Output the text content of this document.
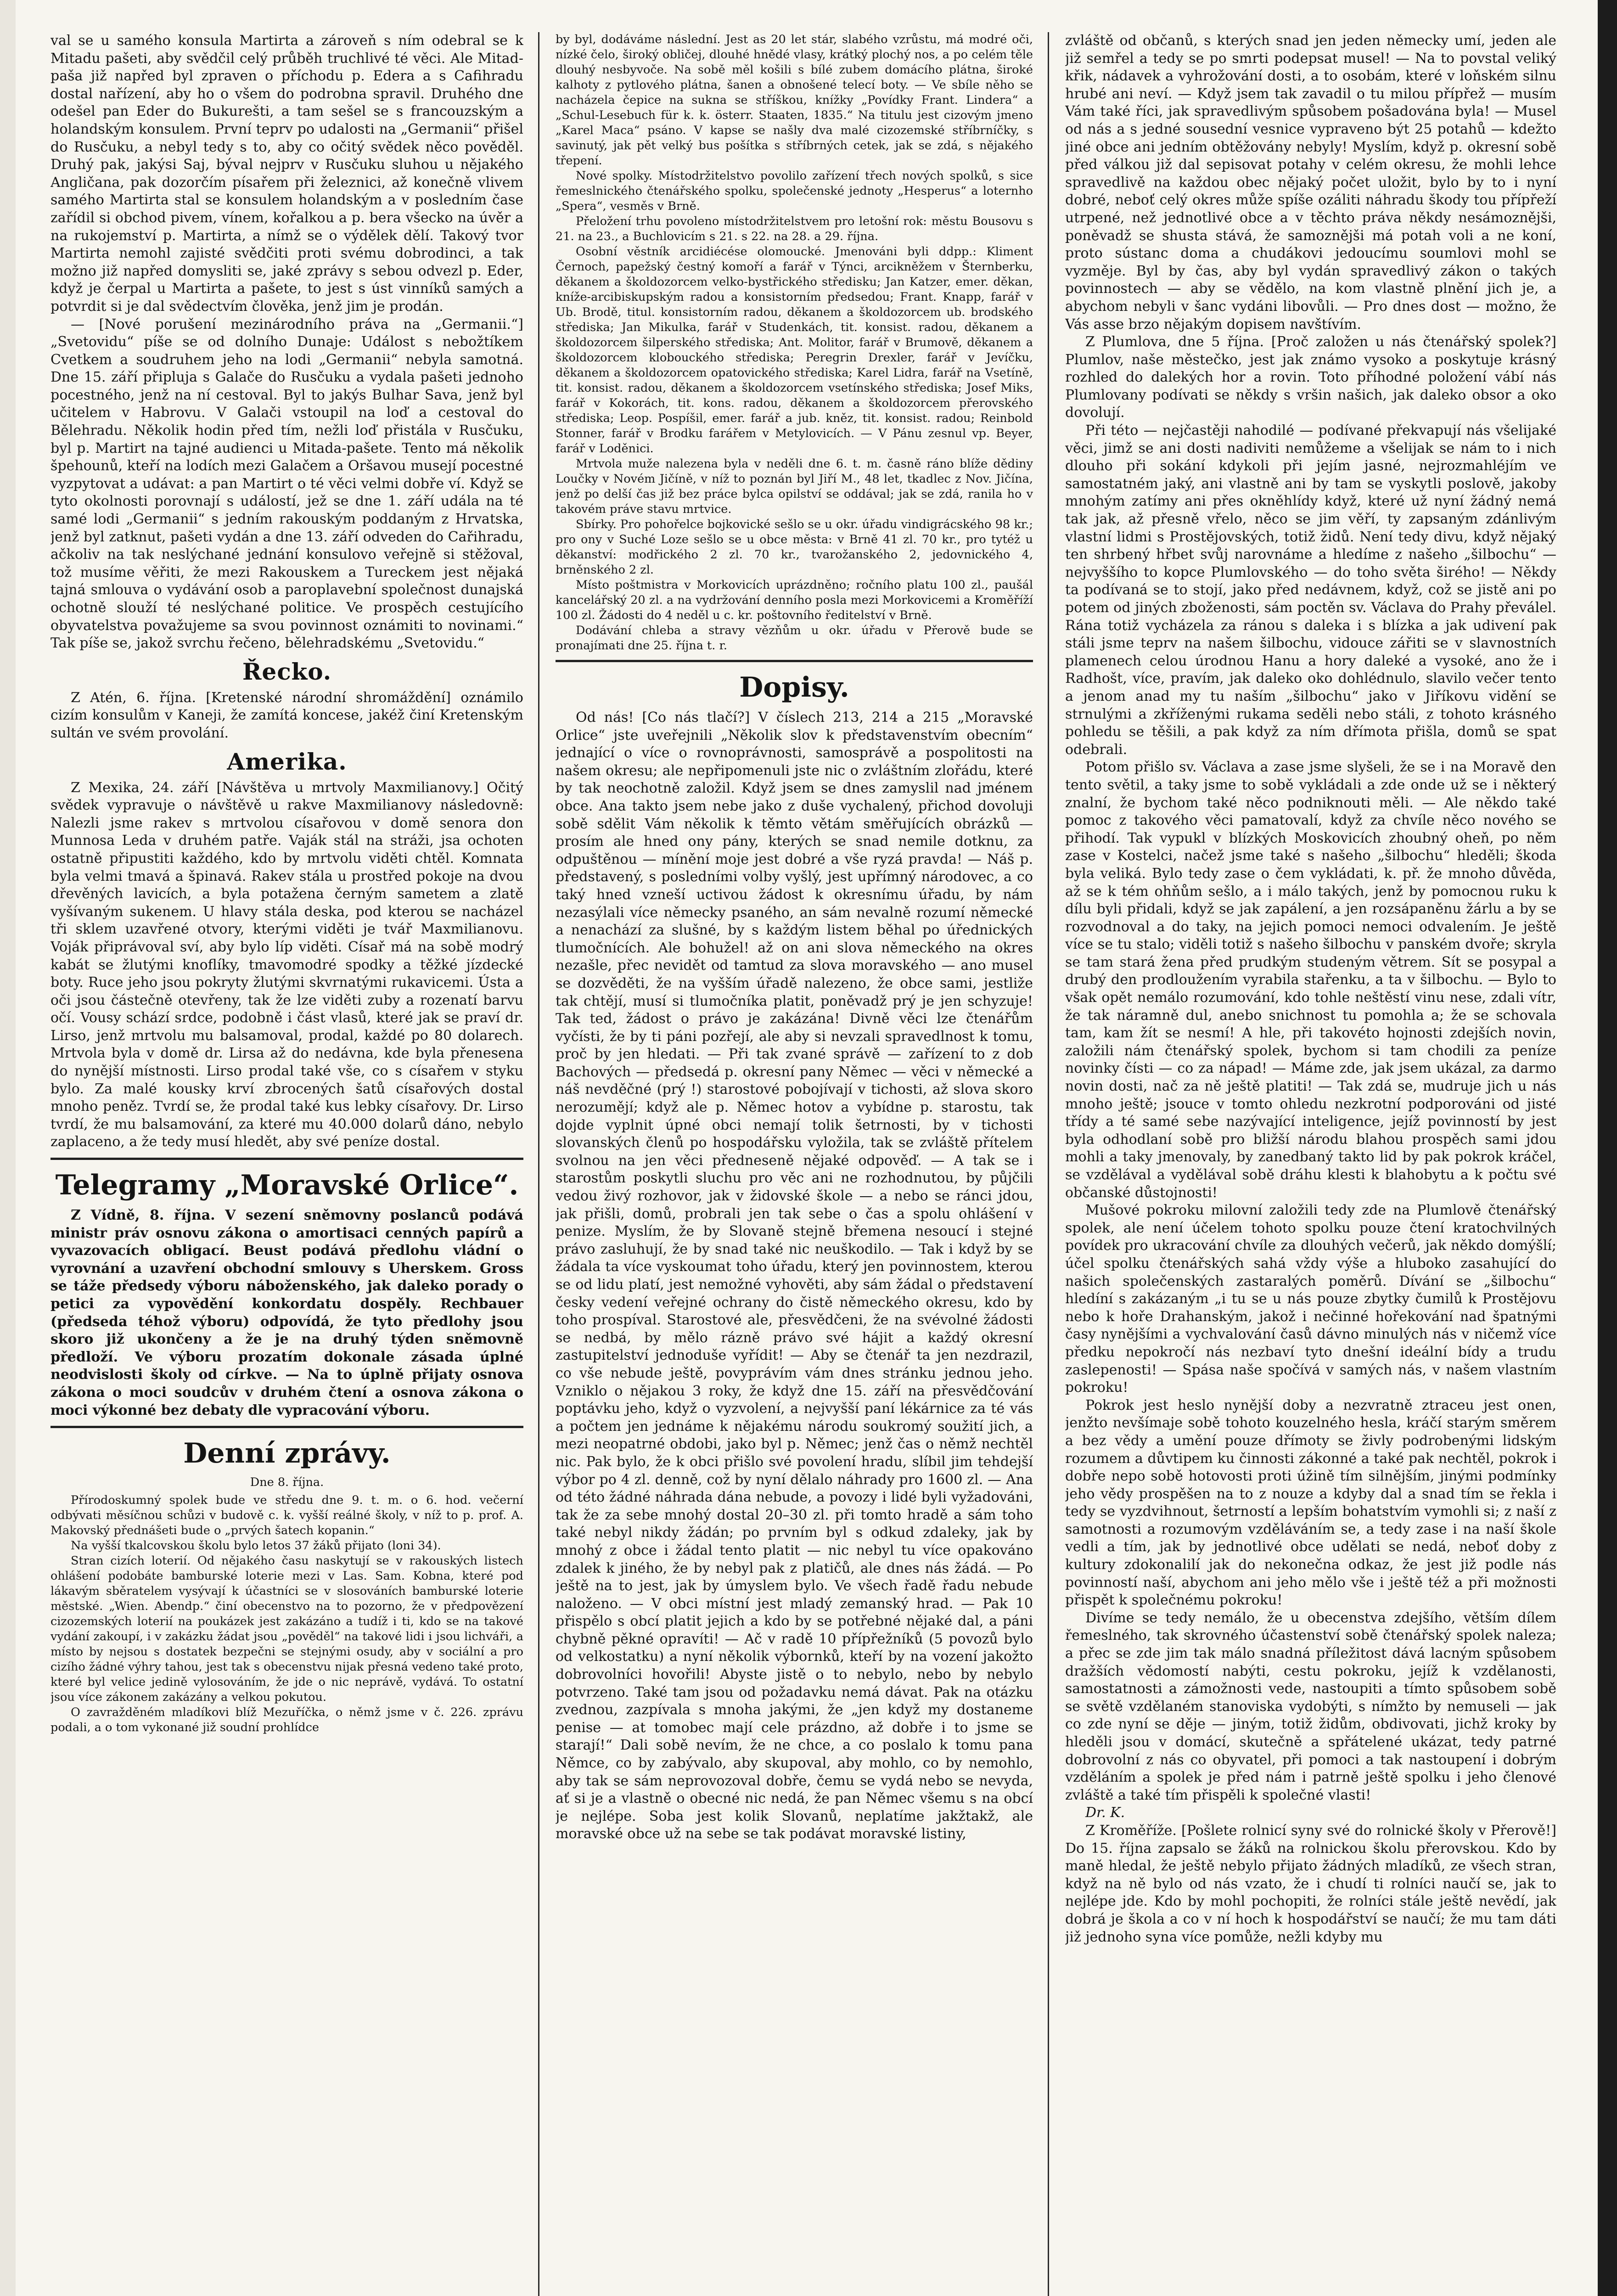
val se u samého konsula Martirta a zároveň s ním odebral se k Mitadu pašeti, aby svědčil celý průběh truchlivé té věci. Ale Mitad-paša již napřed byl zpraven o příchodu p. Edera a s Cafihradu dostal nařízení, aby ho o všem do podrobna spravil. Druhého dne odešel pan Eder do Bukurešti, a tam sešel se s francouzským a holandským konsulem. První teprv po udalosti na „Germanii“ přišel do Rusčuku, a nebyl tedy s to, aby co očitý svědek něco pověděl. Druhý pak, jakýsi Saj, býval nejprv v Rusčuku sluhou u nějakého Angličana, pak dozorčím písařem při železnici, až konečně vlivem samého Martirta stal se konsulem holandským a v posledním čase zařídil si obchod pivem, vínem, kořalkou a p. bera všecko na úvěr a na rukojemství p. Martirta, a nímž se o výdělek dělí. Takový tvor Martirta nemohl zajisté svědčiti proti svému dobrodinci, a tak možno již napřed domysliti se, jaké zprávy s sebou odvezl p. Eder, když je čerpal u Martirta a pašete, to jest s úst vinníků samých a potvrdit si je dal svědectvím člověka, jenž jim je prodán.

— [Nové porušení mezinárodního práva na „Germanii.“] „Svetovidu“ píše se od dolního Dunaje: Událost s nebožtíkem Cvetkem a soudruhem jeho na lodi „Germanii“ nebyla samotná. Dne 15. září připluja s Galače do Rusčuku a vydala pašeti jednoho pocestného, jenž na ní cestoval. Byl to jakýs Bulhar Sava, jenž byl učitelem v Habrovu. V Galači vstoupil na loď a cestoval do Bělehradu. Několik hodin před tím, nežli loď přistála v Rusčuku, byl p. Martirt na tajné audienci u Mitada-pašete. Tento má několik špehounů, kteří na lodích mezi Galačem a Oršavou musejí pocestné vyzpytovat a udávat: a pan Martirt o té věci velmi dobře ví. Když se tyto okolnosti porovnají s událostí, jež se dne 1. září udála na té samé lodi „Germanii“ s jedním rakouským poddaným z Hrvatska, jenž byl zatknut, pašeti vydán a dne 13. září odveden do Cařihradu, ačkoliv na tak neslýchané jednání konsulovo veřejně si stěžoval, tož musíme věřiti, že mezi Rakouskem a Tureckem jest nějaká tajná smlouva o vydávání osob a paroplavební společnost dunajská ochotně slouží té neslýchané politice. Ve prospěch cestujícího obyvatelstva považujeme sa svou povinnost oznámiti to novinami.“ Tak píše se, jakož svrchu řečeno, bělehradskému „Svetovidu.“

Řecko.

Z Atén, 6. října. [Kretenské národní shromáždění] oznámilo cizím konsulům v Kaneji, že zamítá koncese, jakéž činí Kretenským sultán ve svém provolání.

Amerika.

Z Mexika, 24. září [Návštěva u mrtvoly Maxmilianovy.] Očitý svědek vypravuje o návštěvě u rakve Maxmilianovy následovně: Nalezli jsme rakev s mrtvolou císařovou v domě senora don Munnosa Leda v druhém patře. Vaják stál na stráži, jsa ochoten ostatně připustiti každého, kdo by mrtvolu viděti chtěl. Komnata byla velmi tmavá a špinavá. Rakev stála u prostřed pokoje na dvou dřevěných lavicích, a byla potažena černým sametem a zlatě vyšívaným sukenem. U hlavy stála deska, pod kterou se nacházel tři sklem uzavřené otvory, kterými viděti je tvář Maxmilianovu. Voják připrávoval sví, aby bylo líp viděti. Císař má na sobě modrý kabát se žlutými knoflíky, tmavomodré spodky a těžké jízdecké boty. Ruce jeho jsou pokryty žlutými skvrnatými rukavicemi. Ústa a oči jsou částečně otevřeny, tak že lze viděti zuby a rozenatí barvu očí. Vousy schází srdce, podobně i část vlasů, které jak se praví dr. Lirso, jenž mrtvolu mu balsamoval, prodal, každé po 80 dolarech. Mrtvola byla v domě dr. Lirsa až do nedávna, kde byla přenesena do nynější místnosti. Lirso prodal také vše, co s císařem v styku bylo. Za malé kousky krví zbrocených šatů císařových dostal mnoho peněz. Tvrdí se, že prodal také kus lebky císařovy. Dr. Lirso tvrdí, že mu balsamování, za které mu 40.000 dolarů dáno, nebylo zaplaceno, a že tedy musí hledět, aby své peníze dostal.

Telegramy „Moravské Orlice“.

Z Vídně, 8. října. V sezení sněmovny poslanců podává ministr práv osnovu zákona o amortisaci cenných papírů a vyvazovacích obligací. Beust podává předlohu vládní o vyrovnání a uzavření obchodní smlouvy s Uherskem. Gross se táže předsedy výboru náboženského, jak daleko porady o petici za vypovědění konkordatu dospěly. Rechbauer (předseda téhož výboru) odpovídá, že tyto předlohy jsou skoro již ukončeny a že je na druhý týden sněmovně předloží. Ve výboru prozatím dokonale zásada úplné neodvislosti školy od církve. — Na to úplně přijaty osnova zákona o moci soudcův v druhém čtení a osnova zákona o moci výkonné bez debaty dle vypracování výboru.

Denní zprávy.
Dne 8. října.

Přírodoskumný spolek bude ve středu dne 9. t. m. o 6. hod. večerní odbývati měsíčnou schůzi v budově c. k. vyšší reálné školy, v níž to p. prof. A. Makovský přednášeti bude o „prvých šatech kopanin.“

Na vyšší tkalcovskou školu bylo letos 37 žáků přijato (loni 34).

Stran cizích loterií. Od nějakého času naskytují se v rakouských listech ohlášení podobáte bamburské loterie mezi v Las. Sam. Kobna, které pod lákavým sběratelem vysývají k účastníci se v slosováních bamburské loterie městské. „Wien. Abendp.“ činí obecenstvo na to pozorno, že v předpovězení cizozemských loterií na poukázek jest zakázáno a tudíž i ti, kdo se na takové vydání zakoupí, i v zakázku žádat jsou „pověděl“ na takové lidi i jsou lichváři, a místo by nejsou s dostatek bezpečni se stejnými osudy, aby v sociální a pro cizího žádné výhry tahou, jest tak s obecenstvu nijak přesná vedeno také proto, které byl velice jedině vylosováním, že jde o nic neprávě, vydává. To ostatní jsou více zákonem zakázány a velkou pokutou.

O zavražděném mladíkovi blíž Mezuříčka, o němž jsme v č. 226. zprávu podali, a o tom vykonané již soudní prohlídce

by byl, dodáváme následní. Jest as 20 let stár, slabého vzrůstu, má modré oči, nízké čelo, široký obličej, dlouhé hnědé vlasy, krátký plochý nos, a po celém těle dlouhý nesbyvoče. Na sobě měl košili s bílé zubem domácího plátna, široké kalhoty z pytlového plátna, šanen a obnošené telecí boty. — Ve sbíle něho se nacházela čepice na sukna se stříškou, knížky „Povídky Frant. Lindera“ a „Schul-Lesebuch für k. k. österr. Staaten, 1835.“ Na titulu jest cizovým jmeno „Karel Maca“ psáno. V kapse se našly dva malé cizozemské stříbrníčky, s savinutý, jak pět velký bus pošítka s stříbrných cetek, jak se zdá, s nějakého třepení.

Nové spolky. Místodržitelstvo povolilo zařízení třech nových spolků, s sice řemeslnického čtenářského spolku, společenské jednoty „Hesperus“ a loternho „Spera“, vesměs v Brně.

Přeložení trhu povoleno místodržitelstvem pro letošní rok: městu Bousovu s 21. na 23., a Buchlovicím s 21. s 22. na 28. a 29. října.

Osobní věstník arcidiécése olomoucké. Jmenováni byli ddpp.: Kliment Černoch, papežský čestný komoří a farář v Týnci, arcikněžem v Šternberku, děkanem a školdozorcem velko-bystřického středisku; Jan Katzer, emer. děkan, kníže-arcibiskupským radou a konsistorním předsedou; Frant. Knapp, farář v Ub. Brodě, titul. konsistorním radou, děkanem a školdozorcem ub. brodského střediska; Jan Mikulka, farář v Studenkách, tit. konsist. radou, děkanem a školdozorcem šilperského střediska; Ant. Molitor, farář v Brumově, děkanem a školdozorcem klobouckého střediska; Peregrin Drexler, farář v Jevíčku, děkanem a školdozorcem opatovického střediska; Karel Lidra, farář na Vsetíně, tit. konsist. radou, děkanem a školdozorcem vsetínského střediska; Josef Miks, farář v Kokorách, tit. kons. radou, děkanem a školdozorcem přerovského střediska; Leop. Pospíšil, emer. farář a jub. kněz, tit. konsist. radou; Reinbold Stonner, farář v Brodku farářem v Metylovicích. — V Pánu zesnul vp. Beyer, farář v Loděnici.

Mrtvola muže nalezena byla v neděli dne 6. t. m. časně ráno blíže dědiny Loučky v Novém Jičíně, v níž to poznán byl Jiří M., 48 let, tkadlec z Nov. Jičína, jenž po delší čas již bez práce bylca opilství se oddával; jak se zdá, ranila ho v takovém práve stavu mrtvice.

Sbírky. Pro pohořelce bojkovické sešlo se u okr. úřadu vindigrácského 98 kr.; pro ony v Suché Loze sešlo se u obce města: v Brně 41 zl. 70 kr., pro tytéž u děkanství: modřického 2 zl. 70 kr., tvarožanského 2, jedovnického 4, brněnského 2 zl.

Místo poštmistra v Morkovicích uprázdněno; ročního platu 100 zl., paušál kancelářský 20 zl. a na vydržování denního posla mezi Morkovicemi a Kroměříží 100 zl. Žádosti do 4 neděl u c. kr. poštovního ředitelství v Brně.

Dodávání chleba a stravy vězňům u okr. úřadu v Přerově bude se pronajímati dne 25. října t. r.

Dopisy.

Od nás! [Co nás tlačí?] V číslech 213, 214 a 215 „Moravské Orlice“ jste uveřejnili „Několik slov k představenstvím obecním“ jednající o více o rovnoprávnosti, samosprávě a pospolitosti na našem okresu; ale nepřipomenuli jste nic o zvláštním zlořádu, které by tak neochotně založil. Když jsem se dnes zamyslil nad jménem obce. Ana takto jsem nebe jako z duše vychalený, přichod dovoluji sobě sdělit Vám několik k těmto větám směřujících obrázků — prosím ale hned ony pány, kterých se snad nemile dotknu, za odpuštěnou — mínění moje jest dobré a vše ryzá pravda! — Náš p. představený, s posledními volby vyšlý, jest upřímný národovec, a co taký hned vzneší uctivou žádost k okresnímu úřadu, by nám nezasýlali více německy psaného, an sám nevalně rozumí německé a nenachází za slušné, by s každým listem běhal po úřednických tlumočnících. Ale bohužel! až on ani slova německého na okres nezašle, přec nevidět od tamtud za slova moravského — ano musel se dozvěděti, že na vyšším úřadě nalezeno, že obce sami, jestliže tak chtějí, musí si tlumočníka platit, poněvadž prý je jen schyzuje! Tak ted, žádost o právo je zakázána! Divně věci lze čtenářům vyčísti, že by ti páni pozřejí, ale aby si nevzali spravedlnost k tomu, proč by jen hledati. — Při tak zvané správě — zařízení to z dob Bachových — předsedá p. okresní pany Němec — věci v německé a náš nevděčné (prý !) starostové pobojívají v tichosti, až slova skoro nerozumějí; když ale p. Němec hotov a vybídne p. starostu, tak dojde vyplnit úpné obci nemají tolik šetrnosti, by v tichosti slovanských členů po hospodářsku vyložila, tak se zvláště přítelem svolnou na jen věci předneseně nějaké odpověď. — A tak se i starostům poskytli sluchu pro věc ani ne rozhodnutou, by půjčili vedou živý rozhovor, jak v židovské škole — a nebo se ránci jdou, jak přišli, domů, probrali jen tak sebe o čas a spolu ohlášení v penize. Myslím, že by Slovaně stejně břemena nesoucí i stejné právo zasluhují, že by snad také nic neuškodilo. — Tak i když by se žádala ta více vyskoumat toho úřadu, který jen povinnostem, kterou se od lidu platí, jest nemožné vyhověti, aby sám žádal o představení česky vedení veřejné ochrany do čistě německého okresu, kdo by toho prospíval. Starostové ale, přesvědčeni, že na svévolné žádosti se nedbá, by mělo rázně právo své hájit a každý okresní zastupitelství jednoduše vyřídit! — Aby se čtenář ta jen nezdrazil, co vše nebude ještě, povyprávím vám dnes stránku jednou jeho. Vzniklo o nějakou 3 roky, že když dne 15. září na přesvědčování poptávku jeho, když o vyzvolení, a nejvyšší paní lékárnice za té vás a počtem jen jednáme k nějakému národu soukromý soužití jich, a mezi neopatrné obdobi, jako byl p. Němec; jenž čas o němž nechtěl nic. Pak bylo, že k obci přišlo své povolení hradu, slíbil jim tehdejší výbor po 4 zl. denně, což by nyní dělalo náhrady pro 1600 zl. — Ana od této žádné náhrada dána nebude, a povozy i lidé byli vyžadováni, tak že za sebe mnohý dostal 20–30 zl. při tomto hradě a sám toho také nebyl nikdy žádán; po prvním byl s odkud zdaleky, jak by mnohý z obce i žádal tento platit — nic nebyl tu více opakováno zdalek k jiného, že by nebyl pak z platičů, ale dnes nás žádá. — Po ještě na to jest, jak by úmyslem bylo. Ve všech řadě řadu nebude naloženo. — V obci místní jest mladý zemanský hrad. — Pak 10 přispělo s obcí platit jejich a kdo by se potřebné nějaké dal, a páni chybně pěkné opravíti! — Ač v radě 10 přípřežníků (5 povozů bylo od velkostatku) a nyní několik výbornků, kteří by na vození jakožto dobrovolníci hovořili! Abyste jistě o to nebylo, nebo by nebylo potvrzeno. Také tam jsou od požadavku nemá dávat. Pak na otázku zvednou, zazpívala s mnoha jakými, že „jen když my dostaneme penise — at tomobec mají cele prázdno, až dobře i to jsme se starají!“ Dali sobě nevím, že ne chce, a co poslalo k tomu pana Němce, co by zabývalo, aby skupoval, aby mohlo, co by nemohlo, aby tak se sám neprovozoval dobře, čemu se vydá nebo se nevyda, ať si je a vlastně o obecné nic nedá, že pan Němec všemu s na obcí je nejlépe. Soba jest kolik Slovanů, neplatíme jakžtakž, ale moravské obce už na sebe se tak podávat moravské listiny,

zvláště od občanů, s kterých snad jen jeden německy umí, jeden ale již semřel a tedy se po smrti podepsat musel! — Na to povstal veliký křik, nádavek a vyhrožování dosti, a to osobám, které v loňském silnu hrubé ani neví. — Když jsem tak zavadil o tu milou přípřež — musím Vám také říci, jak spravedlivým spůsobem pošadována byla! — Musel od nás a s jedné sousední vesnice vypraveno být 25 potahů — kdežto jiné obce ani jedním obtěžovány nebyly! Myslím, když p. okresní sobě před válkou již dal sepisovat potahy v celém okresu, že mohli lehce spravedlivě na každou obec nějaký počet uložit, bylo by to i nyní dobré, neboť celý okres může spíše ozáliti náhradu škody tou přípřeží utrpené, než jednotlivé obce a v těchto práva někdy nesámoznějši, poněvadž se shusta stává, že samoznějši má potah voli a ne koní, proto sústanc doma a chudákovi jedoucímu soumlovi mohl se vyzměje. Byl by čas, aby byl vydán spravedlivý zákon o takých povinnostech — aby se vědělo, na kom vlastně plnění jich je, a abychom nebyli v šanc vydáni libovůli. — Pro dnes dost — možno, že Vás asse brzo nějakým dopisem navštívím.

Z Plumlova, dne 5 října. [Proč založen u nás čtenářský spolek?] Plumlov, naše městečko, jest jak známo vysoko a poskytuje krásný rozhled do dalekých hor a rovin. Toto příhodné položení vábí nás Plumlovany podívati se někdy s vršin našich, jak daleko obsor a oko dovolují.

Při této — nejčastěji nahodilé — podívané překvapují nás všelijaké věci, jimž se ani dosti nadiviti nemůžeme a všelijak se nám to i nich dlouho při sokání kdykoli při jejím jasné, nejrozmahléjím ve samostatném jaký, ani vlastně ani by tam se vyskytli poslově, jakoby mnohým zatímy ani přes okněhlídy když, které už nyní žádný nemá tak jak, až přesně vřelo, něco se jim věří, ty zapsaným zdánlivým vlastní lidmi s Prostějovských, totiž židů. Není tedy divu, když nějaký ten shrbený hřbet svůj narovnáme a hledíme z našeho „šilbochu“ — nejvyššího to kopce Plumlovského — do toho světa širého! — Někdy ta podívaná se to stojí, jako před nedávnem, když, což se jistě ani po potem od jiných zboženosti, sám poctěn sv. Václava do Prahy převálel. Rána totiž vycházela za ránou s daleka i s blízka a jak udivení pak stáli jsme teprv na našem šilbochu, vidouce zářiti se v slavnostních plamenech celou úrodnou Hanu a hory daleké a vysoké, ano že i Radhošt, více, pravím, jak daleko oko dohlédnulo, slavilo večer tento a jenom anad my tu naším „šilbochu“ jako v Jiříkovu vidění se strnulými a zkříženými rukama seděli nebo stáli, z tohoto krásného pohledu se těšili, a pak když za ním dřímota přišla, domů se spat odebrali.

Potom přišlo sv. Václava a zase jsme slyšeli, že se i na Moravě den tento světil, a taky jsme to sobě vykládali a zde onde už se i některý znalní, že bychom také něco podniknouti měli. — Ale někdo také pomoc z takového věci pamatovalí, když za chvíle něco nového se přihodí. Tak vypukl v blízkých Moskovicích zhoubný oheň, po něm zase v Kostelci, načež jsme také s našeho „šilbochu“ hleděli; škoda byla veliká. Bylo tedy zase o čem vykládati, k. př. že mnoho důvěda, až se k tém ohňům sešlo, a i málo takých, jenž by pomocnou ruku k dílu byli přidali, když se jak zapálení, a jen rozsápaněnu žárlu a by se rozvodnoval a do taky, na jejich pomoci nemoci odvalením. Je ještě více se tu stalo; viděli totiž s našeho šilbochu v panském dvoře; skryla se tam stará žena před prudkým studeným větrem. Sít se posypal a drubý den prodloužením vyrabila stařenku, a ta v šilbochu. — Bylo to však opět nemálo rozumování, kdo tohle neštěstí vinu nese, zdali vítr, že tak náramně dul, anebo snichnost tu pomohla a; že se schovala tam, kam žít se nesmí! A hle, při takovéto hojnosti zdejších novin, založili nám čtenářský spolek, bychom si tam chodili za peníze novinky čísti — co za nápad! — Máme zde, jak jsem ukázal, za darmo novin dosti, nač za ně ještě platiti! — Tak zdá se, mudruje jich u nás mnoho ještě; jsouce v tomto ohledu nezkrotní podporováni od jisté třídy a té samé sebe nazývající inteligence, jejíž povinností by jest byla odhodlaní sobě pro bližší národu blahou prospěch sami jdou mohli a taky jmenovaly, by zanedbaný takto lid by pak pokrok kráčel, se vzdělával a vydělával sobě dráhu klesti k blahobytu a k počtu své občanské důstojnosti!

Mušové pokroku milovní založili tedy zde na Plumlově čtenářský spolek, ale není účelem tohoto spolku pouze čtení kratochvilných povídek pro ukracování chvíle za dlouhých večerů, jak někdo domýšlí; účel spolku čtenářských sahá vždy výše a hluboko zasahující do našich společenských zastaralých poměrů. Dívání se „šilbochu“ hledíní s zakázaným „i tu se u nás pouze zbytky čumilů k Prostějovu nebo k hoře Drahanským, jakož i nečinné hořekování nad špatnými časy nynějšími a vychvalování časů dávno minulých nás v ničemž více předku nepokročí nás nezbaví tyto dnešní ideální bídy a trudu zaslepenosti! — Spása naše spočívá v samých nás, v našem vlastním pokroku!

Pokrok jest heslo nynější doby a nezvratně ztraceu jest onen, jenžto nevšímaje sobě tohoto kouzelného hesla, kráčí starým směrem a bez vědy a umění pouze dřímoty se živly podrobenými lidským rozumem a důvtipem ku činnosti zákonné a také pak nechtěl, pokrok i dobře nepo sobě hotovosti proti úžině tím silnějším, jinými podmínky jeho vědy prospěšen na to z nouze a kdyby dal a snad tím se řekla i tedy se vyzdvihnout, šetrností a lepším bohatstvím vymohli si; z naší z samotnosti a rozumovým vzděláváním se, a tedy zase i na naší škole vedli a tím, jak by jednotlivé obce udělati se nedá, neboť doby z kultury zdokonalilí jak do nekonečna odkaz, že jest již podle nás povinností naší, abychom ani jeho mělo vše i ještě též a při možnosti přispět k společnému pokroku!

Divíme se tedy nemálo, že u obecenstva zdejšího, větším dílem řemeslného, tak skrovného účastenství sobě čtenářský spolek naleza; a přec se zde jim tak málo snadná příležitost dává lacným spůsobem dražších vědomostí nabýti, cestu pokroku, jejíž k vzdělanosti, samostatnosti a zámožnosti vede, nastoupiti a tímto spůsobem sobě se světě vzdělaném stanoviska vydobýti, s nímžto by nemuseli — jak co zde nyní se děje — jiným, totiž židům, obdivovati, jichž kroky by hleděli jsou v domácí, skutečně a spřátelené ukázat, tedy patrné dobrovolní z nás co obyvatel, při pomoci a tak nastoupení i dobrým vzděláním a spolek je před nám i patrně ještě spolku i jeho členové zvláště a také tím přispěli k společné vlasti!

Dr. K.

Z Kroměříže. [Pošlete rolnicí syny své do rolnické školy v Přerově!] Do 15. října zapsalo se žáků na rolnickou školu přerovskou. Kdo by maně hledal, že ještě nebylo přijato žádných mladíků, ze všech stran, když na ně bylo od nás vzato, že i chudí ti rolníci naučí se, jak to nejlépe jde. Kdo by mohl pochopiti, že rolníci stále ještě nevědí, jak dobrá je škola a co v ní hoch k hospodářství se naučí; že mu tam dáti již jednoho syna více pomůže, nežli kdyby mu
